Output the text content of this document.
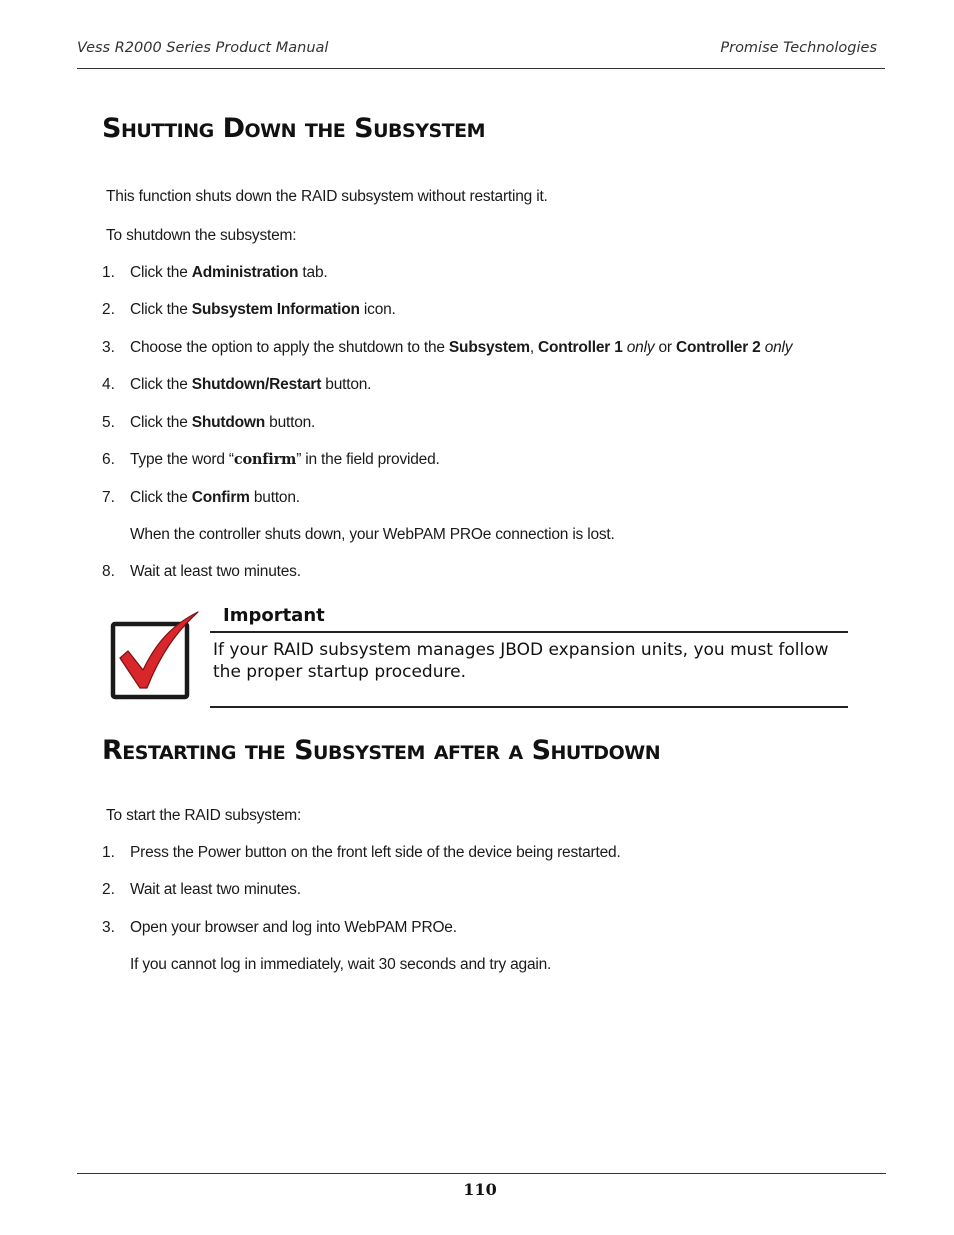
Vess R2000 Series Product Manual	Promise Technologies
Shutting Down the Subsystem

This function shuts down the RAID subsystem without restarting it.

To shutdown the subsystem:

1. Click the Administration tab.

2. Click the Subsystem Information icon.

3. Choose the option to apply the shutdown to the Subsystem, Controller 1 only or Controller 2 only

4. Click the Shutdown/Restart button.

5. Click the Shutdown button.

6. Type the word “confirm” in the field provided.

7. Click the Confirm button.

When the controller shuts down, your WebPAM PROe connection is lost.

8. Wait at least two minutes.

Important
If your RAID subsystem manages JBOD expansion units, you must follow the proper startup procedure.
Restarting the Subsystem after a Shutdown

To start the RAID subsystem:

1. Press the Power button on the front left side of the device being restarted.

2. Wait at least two minutes.

3. Open your browser and log into WebPAM PROe.

If you cannot log in immediately, wait 30 seconds and try again.

110
